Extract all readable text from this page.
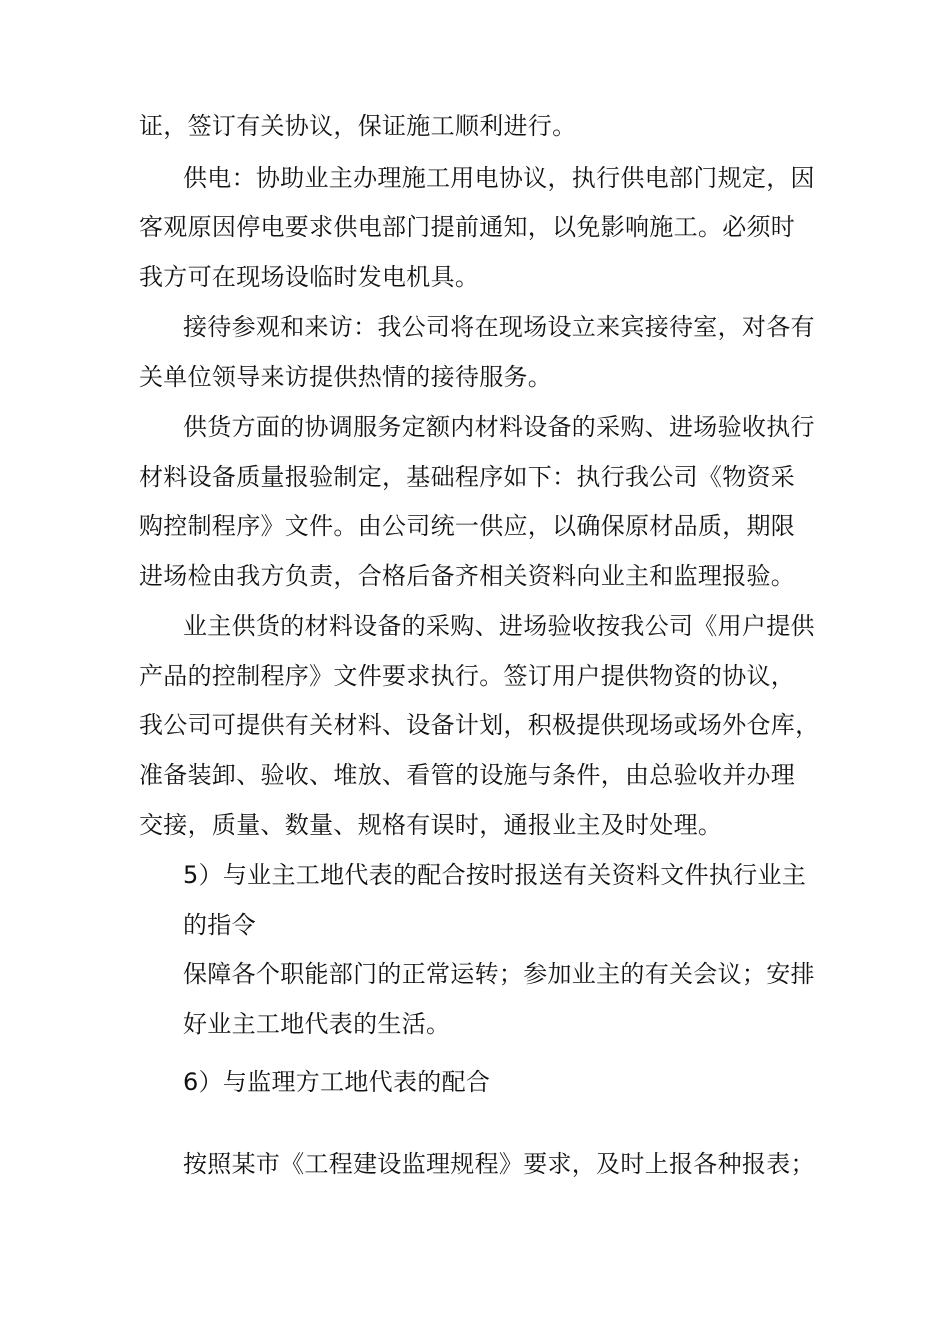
证，签订有关协议，保证施工顺利进行。
供电：协助业主办理施工用电协议，执行供电部门规定，因
客观原因停电要求供电部门提前通知，以免影响施工。必须时
我方可在现场设临时发电机具。
接待参观和来访：我公司将在现场设立来宾接待室，对各有
关单位领导来访提供热情的接待服务。
供货方面的协调服务定额内材料设备的采购、进场验收执行
材料设备质量报验制定，基础程序如下：执行我公司《物资采
购控制程序》文件。由公司统一供应，以确保原材品质，期限
进场检由我方负责，合格后备齐相关资料向业主和监理报验。
业主供货的材料设备的采购、进场验收按我公司《用户提供
产品的控制程序》文件要求执行。签订用户提供物资的协议，
我公司可提供有关材料、设备计划，积极提供现场或场外仓库，
准备装卸、验收、堆放、看管的设施与条件，由总验收并办理
交接，质量、数量、规格有误时，通报业主及时处理。
5）与业主工地代表的配合按时报送有关资料文件执行业主
的指令
保障各个职能部门的正常运转；参加业主的有关会议；安排
好业主工地代表的生活。
6）与监理方工地代表的配合
按照某市《工程建设监理规程》要求，及时上报各种报表；
